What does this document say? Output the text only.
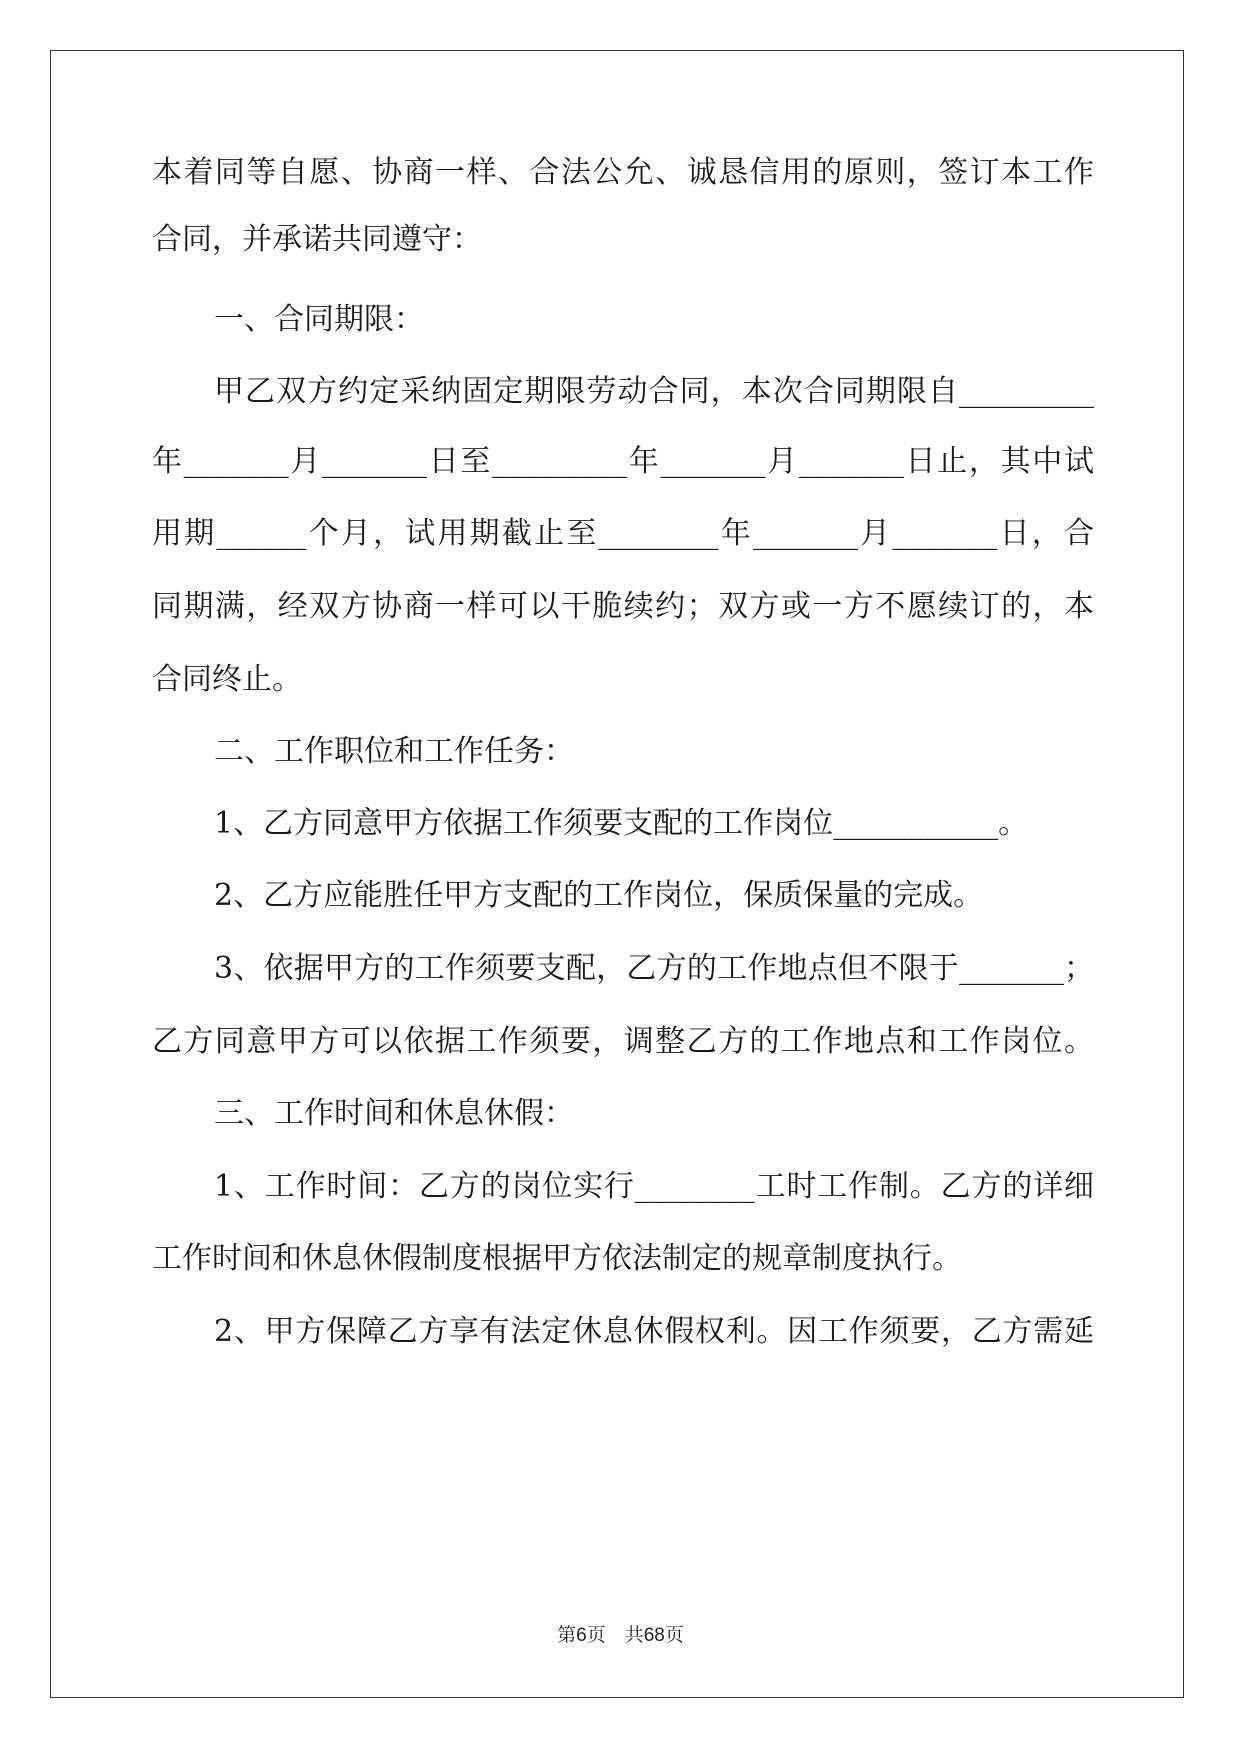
本着同等自愿、协商一样、合法公允、诚恳信用的原则，签订本工作
合同，并承诺共同遵守：
一、合同期限：
甲乙双方约定采纳固定期限劳动合同，本次合同期限自_________
年_______月_______日至_________年_______月_______日止，其中试
用期______个月，试用期截止至________年_______月_______日，合
同期满，经双方协商一样可以干脆续约；双方或一方不愿续订的，本
合同终止。
二、工作职位和工作任务：
1、乙方同意甲方依据工作须要支配的工作岗位___________。
2、乙方应能胜任甲方支配的工作岗位，保质保量的完成。
3、依据甲方的工作须要支配，乙方的工作地点但不限于_______；
乙方同意甲方可以依据工作须要，调整乙方的工作地点和工作岗位。
三、工作时间和休息休假：
1、工作时间：乙方的岗位实行________工时工作制。乙方的详细
工作时间和休息休假制度根据甲方依法制定的规章制度执行。
2、甲方保障乙方享有法定休息休假权利。因工作须要，乙方需延
第6页　共68页
